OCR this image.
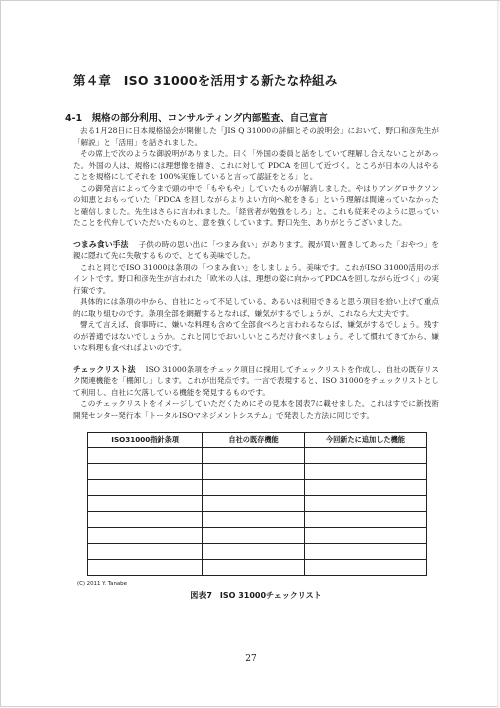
第４章　ISO 31000を活用する新たな枠組み
4-1　規格の部分利用、コンサルティング内部監査、自己宣言

去る1月28日に日本規格協会が開催した「JIS Q 31000の詳細とその説明会」において、野口和彦先生が「解説」と「活用」を話されました。

その席上で次のような御説明がありました。曰く「外国の委員と話をしていて理解し合えないことがあった。外国の人は、規格には理想像を描き、これに対して PDCA を回して近づく。ところが日本の人はやることを規格にしてそれを 100%実施していると言って認証をとる」と。

この御発言によって今まで頭の中で「もやもや」していたものが解消しました。やはりアングロサクソンの知恵とおもっていた「PDCA を回しながらよりよい方向へ舵をきる」という理解は間違っていなかったと確信しました。先生はさらに言われました。「経営者が勉強をしろ」と。これも従来そのように思っていたことを代弁していただいたものと、意を強くしています。野口先生、ありがとうございました。

つまみ食い手法 子供の時の思い出に「つまみ食い」があります。親が買い置きしてあった「おやつ」を親に隠れて先に失敬するもので、とても美味でした。

これと同じでISO 31000は条項の「つまみ食い」をしましょう。美味です。これがISO 31000活用のポイントです。野口和彦先生が言われた「欧米の人は、理想の姿に向かってPDCAを回しながら近づく」の実行策です。

具体的には条項の中から、自社にとって不足している、あるいは利用できると思う項目を拾い上げて重点的に取り組むのです。条項全部を網羅するとなれば、嫌気がするでしょうが、これなら大丈夫です。

譬えて言えば、食事時に、嫌いな料理も含めて全部食べろと言われるならば、嫌気がするでしょう。残すのが普通ではないでしょうか。これと同じでおいしいところだけ食べましょう。そして慣れてきてから、嫌いな料理も食べればよいのです。

チェックリスト法 ISO 31000条項をチェック項目に採用してチェックリストを作成し、自社の既存リスク関連機能を「棚卸し」します。これが出発点です。一言で表現すると、ISO 31000をチェックリストとして利用し、自社に欠落している機能を発見するものです。

このチェックリストをイメージしていただくためにその見本を図表7に載せました。これはすでに新技術開発センター発行本「トータルISOマネジメントシステム」で発表した方法に同じです。

ISO31000指針条項	自社の既存機能	今回新たに追加した機能

(C) 2011 Y. Tanabe
図表7　ISO 31000チェックリスト
27
